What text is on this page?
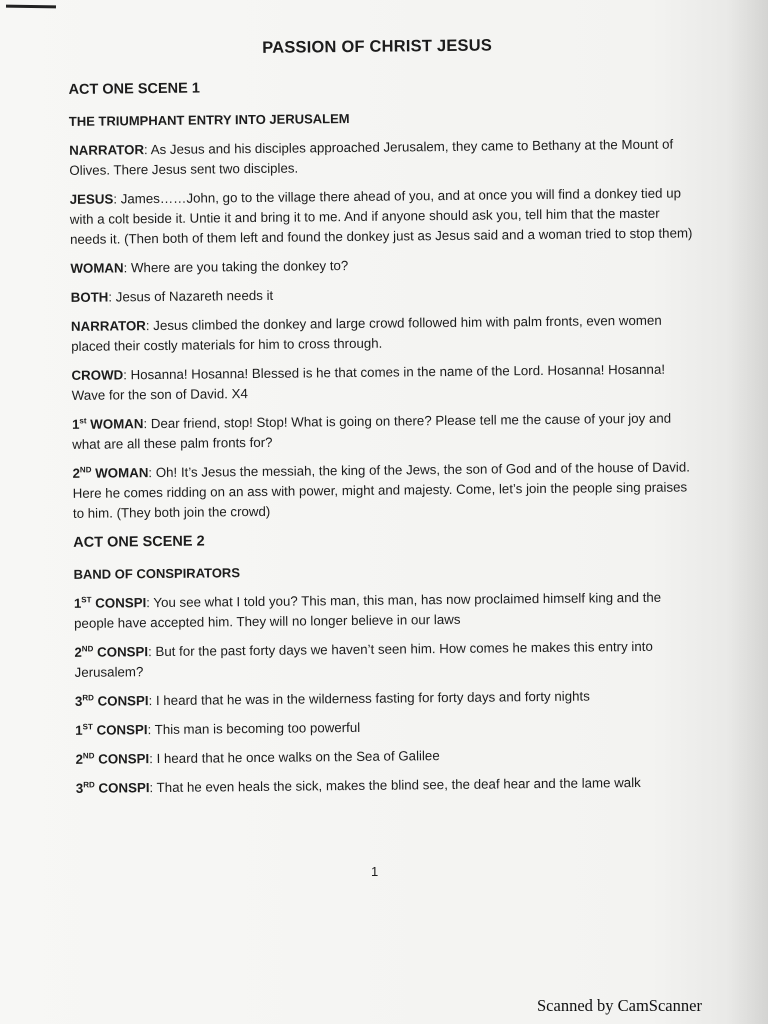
PASSION OF CHRIST JESUS
ACT ONE SCENE 1
THE TRIUMPHANT ENTRY INTO JERUSALEM
NARRATOR: As Jesus and his disciples approached Jerusalem, they came to Bethany at the Mount of Olives. There Jesus sent two disciples.
JESUS: James……John, go to the village there ahead of you, and at once you will find a donkey tied up with a colt beside it. Untie it and bring it to me. And if anyone should ask you, tell him that the master needs it. (Then both of them left and found the donkey just as Jesus said and a woman tried to stop them)
WOMAN: Where are you taking the donkey to?
BOTH: Jesus of Nazareth needs it
NARRATOR: Jesus climbed the donkey and large crowd followed him with palm fronts, even women placed their costly materials for him to cross through.
CROWD: Hosanna! Hosanna! Blessed is he that comes in the name of the Lord. Hosanna! Hosanna! Wave for the son of David. X4
1st WOMAN: Dear friend, stop! Stop! What is going on there? Please tell me the cause of your joy and what are all these palm fronts for?
2ND WOMAN: Oh! It’s Jesus the messiah, the king of the Jews, the son of God and of the house of David. Here he comes ridding on an ass with power, might and majesty. Come, let’s join the people sing praises to him. (They both join the crowd)
ACT ONE SCENE 2
BAND OF CONSPIRATORS
1ST CONSPI: You see what I told you? This man, this man, has now proclaimed himself king and the people have accepted him. They will no longer believe in our laws
2ND CONSPI: But for the past forty days we haven’t seen him. How comes he makes this entry into Jerusalem?
3RD CONSPI: I heard that he was in the wilderness fasting for forty days and forty nights
1ST CONSPI: This man is becoming too powerful
2ND CONSPI: I heard that he once walks on the Sea of Galilee
3RD CONSPI: That he even heals the sick, makes the blind see, the deaf hear and the lame walk
1
Scanned by CamScanner
